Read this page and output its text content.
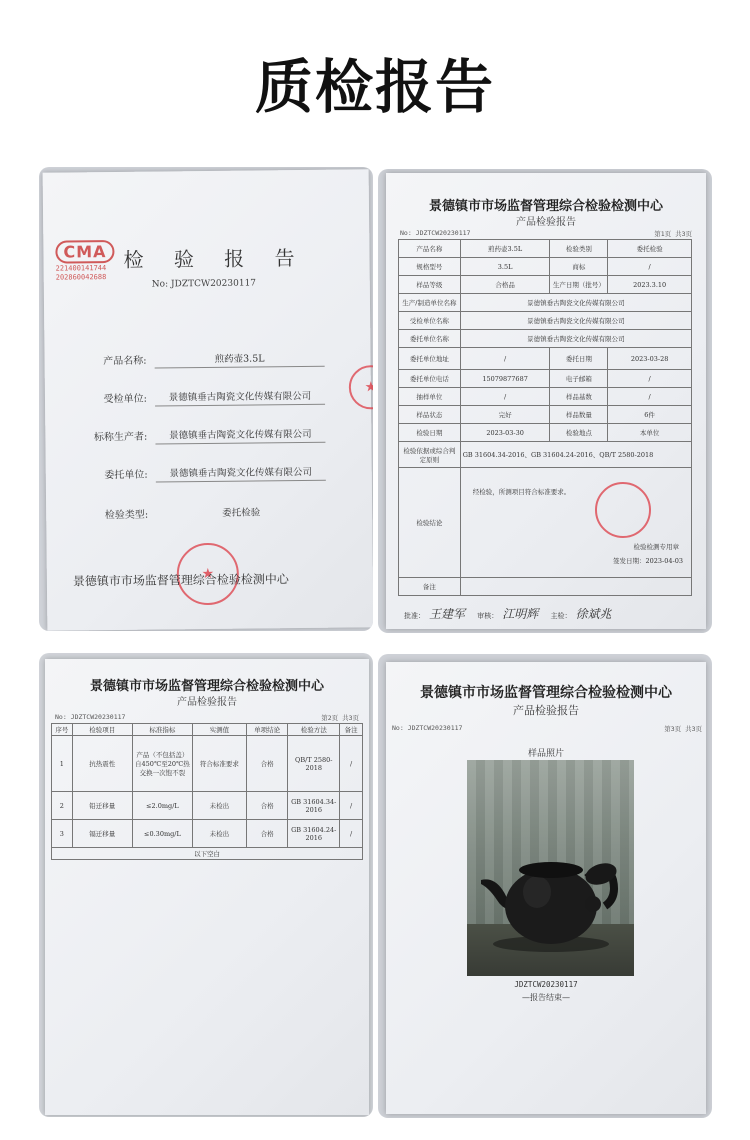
质检报告
CMA
221400141744
202860042688
检 验 报 告
No: JDZTCW20230117
产品名称:	煎药壶3.5L
受检单位:	景德镇垂古陶瓷文化传媒有限公司
标称生产者:	景德镇垂古陶瓷文化传媒有限公司
委托单位:	景德镇垂古陶瓷文化传媒有限公司
检验类型:	委托检验
★
★
景德镇市市场监督管理综合检验检测中心
景德镇市市场监督管理综合检验检测中心
产品检验报告
No: JDZTCW20230117	第1页 共3页
产品名称	煎药壶3.5L	检验类别	委托检验
规格型号	3.5L	商标	/
样品等级	合格品	生产日期（批号）	2023.3.10
生产/制造单位名称	景德镇垂古陶瓷文化传媒有限公司		
受检单位名称	景德镇垂古陶瓷文化传媒有限公司		
委托单位名称	景德镇垂古陶瓷文化传媒有限公司		
委托单位地址	/	委托日期	2023-03-28
委托单位电话	15079877687	电子邮箱	/
抽样单位	/	样品基数	/
样品状态	完好	样品数量	6件
检验日期	2023-03-30	检验地点	本单位
检验依据或综合判定原则	GB 31604.34-2016、GB 31604.24-2016、QB/T 2580-2018		
检验结论	经检验，所测项目符合标准要求。
检验检测专用章
签发日期：2023-04-03		

备注			
批准： 王建军 审核： 江明辉 主检： 徐斌兆
景德镇市市场监督管理综合检验检测中心
产品检验报告
No: JDZTCW20230117	第2页 共3页
序号	检验项目	标准指标	实测值	单项结论	检验方法	备注
1	抗热震性	产品（不包括盖）自450℃至20℃热交换一次饱不裂	符合标准要求	合格	QB/T 2580-2018	/
2	铅迁移量	≤2.0mg/L	未检出	合格	GB 31604.34-2016	/
3	镉迁移量	≤0.30mg/L	未检出	合格	GB 31604.24-2016	/
以下空白						
景德镇市市场监督管理综合检验检测中心
产品检验报告
No: JDZTCW20230117	第3页 共3页
样品照片
JDZTCW20230117
—报告结束—
